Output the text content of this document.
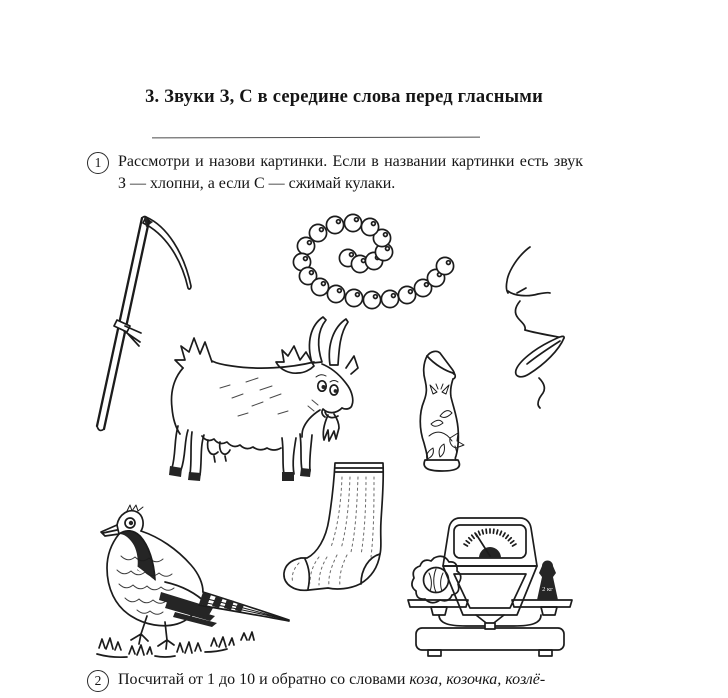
3. Звуки З, С в середине слова перед гласными
1	Рассмотри и назови картинки. Если в названии картинки есть звук З — хлопни, а если С — сжимай кулаки.
2 кг
2	Посчитай от 1 до 10 и обратно со словами коза, козочка, козлё-
